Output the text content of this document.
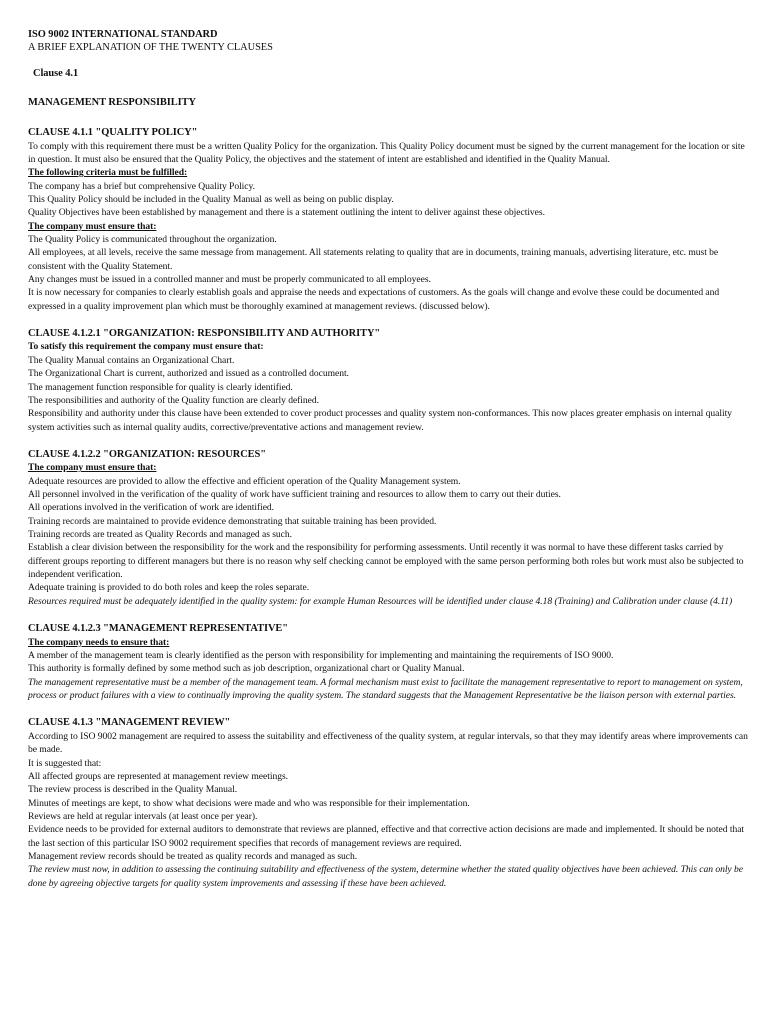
ISO 9002 INTERNATIONAL STANDARD
A BRIEF EXPLANATION OF THE TWENTY CLAUSES
Clause 4.1
MANAGEMENT RESPONSIBILITY
CLAUSE 4.1.1 "QUALITY POLICY"
To comply with this requirement there must be a written Quality Policy for the organization. This Quality Policy document must be signed by the current management for the location or site in question. It must also be ensured that the Quality Policy, the objectives and the statement of intent are established and identified in the Quality Manual.
The following criteria must be fulfilled:
The company has a brief but comprehensive Quality Policy.
This Quality Policy should be included in the Quality Manual as well as being on public display.
Quality Objectives have been established by management and there is a statement outlining the intent to deliver against these objectives.
The company must ensure that:
The Quality Policy is communicated throughout the organization.
All employees, at all levels, receive the same message from management. All statements relating to quality that are in documents, training manuals, advertising literature, etc. must be consistent with the Quality Statement.
Any changes must be issued in a controlled manner and must be properly communicated to all employees.
It is now necessary for companies to clearly establish goals and appraise the needs and expectations of customers. As the goals will change and evolve these could be documented and expressed in a quality improvement plan which must be thoroughly examined at management reviews. (discussed below).
CLAUSE 4.1.2.1 "ORGANIZATION: RESPONSIBILITY AND AUTHORITY"
To satisfy this requirement the company must ensure that:
The Quality Manual contains an Organizational Chart.
The Organizational Chart is current, authorized and issued as a controlled document.
The management function responsible for quality is clearly identified.
The responsibilities and authority of the Quality function are clearly defined.
Responsibility and authority under this clause have been extended to cover product processes and quality system non-conformances. This now places greater emphasis on internal quality system activities such as internal quality audits, corrective/preventative actions and management review.
CLAUSE 4.1.2.2 "ORGANIZATION: RESOURCES"
The company must ensure that:
Adequate resources are provided to allow the effective and efficient operation of the Quality Management system.
All personnel involved in the verification of the quality of work have sufficient training and resources to allow them to carry out their duties.
All operations involved in the verification of work are identified.
Training records are maintained to provide evidence demonstrating that suitable training has been provided.
Training records are treated as Quality Records and managed as such.
Establish a clear division between the responsibility for the work and the responsibility for performing assessments. Until recently it was normal to have these different tasks carried by different groups reporting to different managers but there is no reason why self checking cannot be employed with the same person performing both roles but work must also be subjected to independent verification.
Adequate training is provided to do both roles and keep the roles separate.
Resources required must be adequately identified in the quality system: for example Human Resources will be identified under clause 4.18 (Training) and Calibration under clause (4.11)
CLAUSE 4.1.2.3 "MANAGEMENT REPRESENTATIVE"
The company needs to ensure that:
A member of the management team is clearly identified as the person with responsibility for implementing and maintaining the requirements of ISO 9000.
This authority is formally defined by some method such as job description, organizational chart or Quality Manual.
The management representative must be a member of the management team. A formal mechanism must exist to facilitate the management representative to report to management on system, process or product failures with a view to continually improving the quality system. The standard suggests that the Management Representative be the liaison person with external parties.
CLAUSE 4.1.3 "MANAGEMENT REVIEW"
According to ISO 9002 management are required to assess the suitability and effectiveness of the quality system, at regular intervals, so that they may identify areas where improvements can be made.
It is suggested that:
All affected groups are represented at management review meetings.
The review process is described in the Quality Manual.
Minutes of meetings are kept, to show what decisions were made and who was responsible for their implementation.
Reviews are held at regular intervals (at least once per year).
Evidence needs to be provided for external auditors to demonstrate that reviews are planned, effective and that corrective action decisions are made and implemented. It should be noted that the last section of this particular ISO 9002 requirement specifies that records of management reviews are required.
Management review records should be treated as quality records and managed as such.
The review must now, in addition to assessing the continuing suitability and effectiveness of the system, determine whether the stated quality objectives have been achieved. This can only be done by agreeing objective targets for quality system improvements and assessing if these have been achieved.
